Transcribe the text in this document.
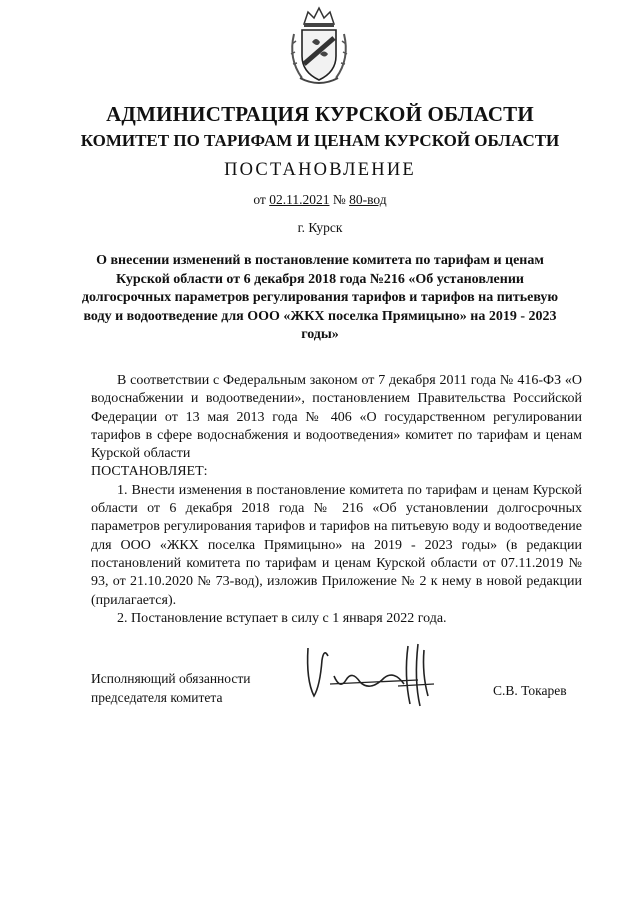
АДМИНИСТРАЦИЯ КУРСКОЙ ОБЛАСТИ
КОМИТЕТ ПО ТАРИФАМ И ЦЕНАМ КУРСКОЙ ОБЛАСТИ
ПОСТАНОВЛЕНИЕ
от 02.11.2021 № 80-вод
г. Курск
О внесении изменений в постановление комитета по тарифам и ценам Курской области от 6 декабря 2018 года №216 «Об установлении долгосрочных параметров регулирования тарифов и тарифов на питьевую воду и водоотведение для ООО «ЖКХ поселка Прямицыно» на 2019 - 2023 годы»

В соответствии с Федеральным законом от 7 декабря 2011 года № 416-ФЗ «О водоснабжении и водоотведении», постановлением Правительства Российской Федерации от 13 мая 2013 года № 406 «О государственном регулировании тарифов в сфере водоснабжения и водоотведения» комитет по тарифам и ценам Курской области

ПОСТАНОВЛЯЕТ:

1. Внести изменения в постановление комитета по тарифам и ценам Курской области от 6 декабря 2018 года № 216 «Об установлении долгосрочных параметров регулирования тарифов и тарифов на питьевую воду и водоотведение для ООО «ЖКХ поселка Прямицыно» на 2019 - 2023 годы» (в редакции постановлений комитета по тарифам и ценам Курской области от 07.11.2019 № 93, от 21.10.2020 № 73-вод), изложив Приложение № 2 к нему в новой редакции (прилагается).

2. Постановление вступает в силу с 1 января 2022 года.

Исполняющий обязанности
председателя комитета	С.В. Токарев
